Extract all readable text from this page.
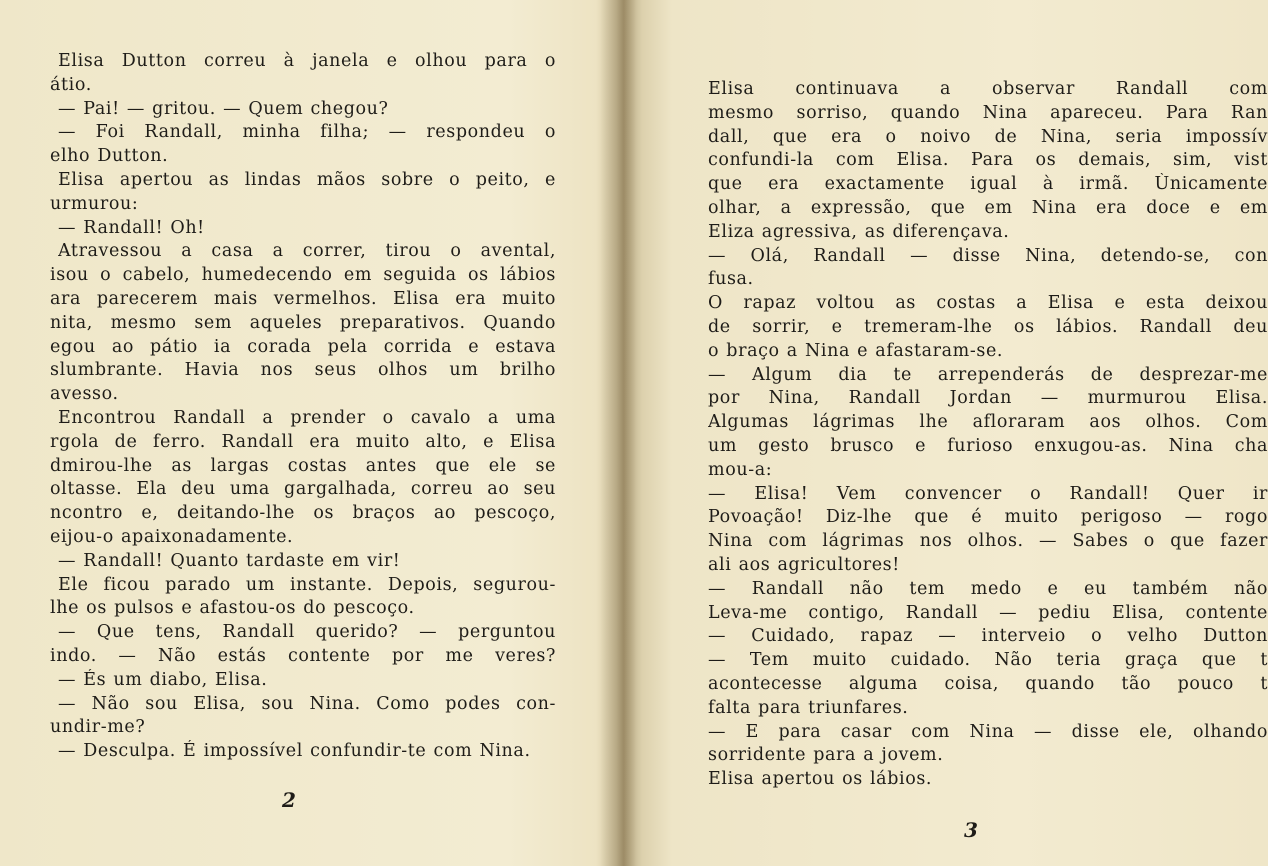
Elisa Dutton correu à janela e olhou para o
átio.
— Pai! — gritou. — Quem chegou?
— Foi Randall, minha filha; — respondeu o
elho Dutton.
Elisa apertou as lindas mãos sobre o peito, e
urmurou:
— Randall! Oh!
Atravessou a casa a correr, tirou o avental,
isou o cabelo, humedecendo em seguida os lábios
ara parecerem mais vermelhos. Elisa era muito
nita, mesmo sem aqueles preparativos. Quando
egou ao pátio ia corada pela corrida e estava
slumbrante. Havia nos seus olhos um brilho
avesso.
Encontrou Randall a prender o cavalo a uma
rgola de ferro. Randall era muito alto, e Elisa
dmirou-lhe as largas costas antes que ele se
oltasse. Ela deu uma gargalhada, correu ao seu
ncontro e, deitando-lhe os braços ao pescoço,
eijou-o apaixonadamente.
— Randall! Quanto tardaste em vir!
Ele ficou parado um instante. Depois, segurou-
lhe os pulsos e afastou-os do pescoço.
— Que tens, Randall querido? — perguntou
indo. — Não estás contente por me veres?
— És um diabo, Elisa.
— Não sou Elisa, sou Nina. Como podes con-
undir-me?
— Desculpa. É impossível confundir-te com Nina.
2
Elisa continuava a observar Randall com
mesmo sorriso, quando Nina apareceu. Para Ran
dall, que era o noivo de Nina, seria impossív
confundi-la com Elisa. Para os demais, sim, vist
que era exactamente igual à irmã. Ùnicamente
olhar, a expressão, que em Nina era doce e em
Eliza agressiva, as diferençava.
— Olá, Randall — disse Nina, detendo-se, con
fusa.
O rapaz voltou as costas a Elisa e esta deixou
de sorrir, e tremeram-lhe os lábios. Randall deu
o braço a Nina e afastaram-se.
— Algum dia te arrependerás de desprezar-me
por Nina, Randall Jordan — murmurou Elisa.
Algumas lágrimas lhe afloraram aos olhos. Com
um gesto brusco e furioso enxugou-as. Nina cha
mou-a:
— Elisa! Vem convencer o Randall! Quer ir
Povoação! Diz-lhe que é muito perigoso — rogo
Nina com lágrimas nos olhos. — Sabes o que fazer
ali aos agricultores!
— Randall não tem medo e eu também não
Leva-me contigo, Randall — pediu Elisa, contente
— Cuidado, rapaz — interveio o velho Dutton
— Tem muito cuidado. Não teria graça que t
acontecesse alguma coisa, quando tão pouco t
falta para triunfares.
— E para casar com Nina — disse ele, olhando
sorridente para a jovem.
Elisa apertou os lábios.
3
